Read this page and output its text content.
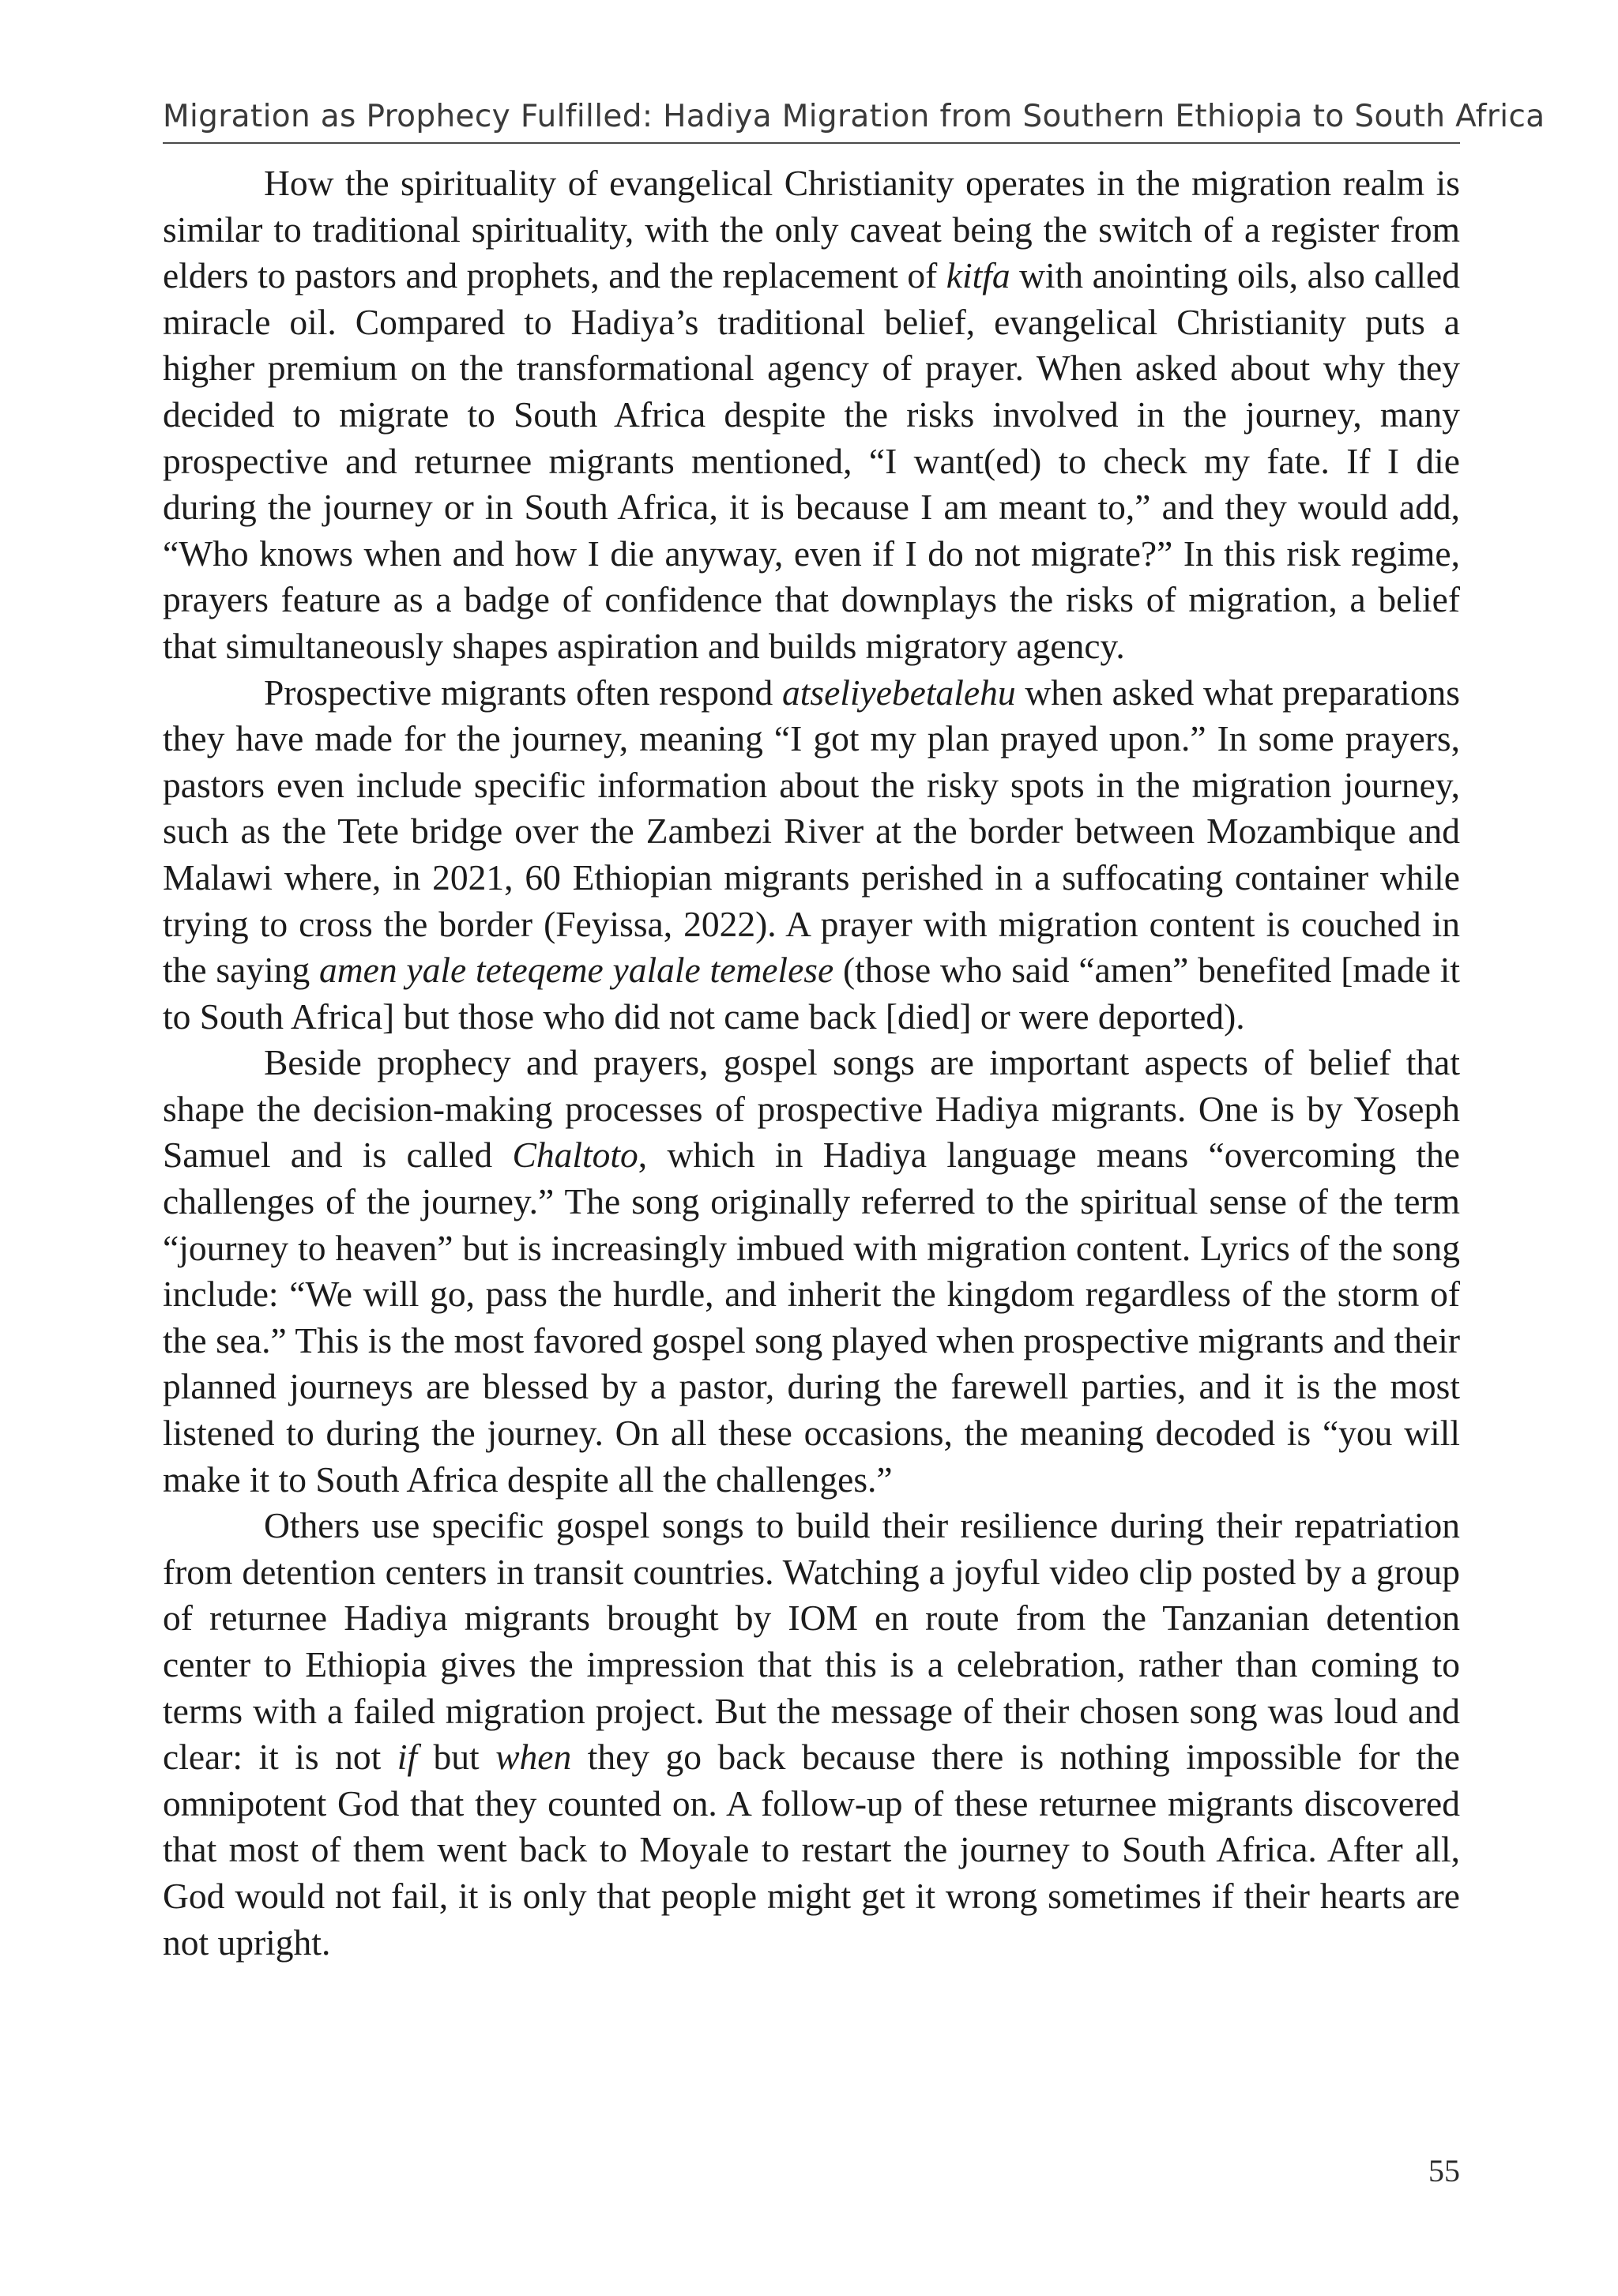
Migration as Prophecy Fulfilled: Hadiya Migration from Southern Ethiopia to South Africa

How the spirituality of evangelical Christianity operates in the migration realm is similar to traditional spirituality, with the only caveat being the switch of a register from elders to pastors and prophets, and the replacement of kitfa with anointing oils, also called miracle oil. Compared to Hadiya’s traditional belief, evangelical Christianity puts a higher premium on the transformational agency of prayer. When asked about why they decided to migrate to South Africa despite the risks involved in the journey, many prospective and returnee migrants mentioned, “I want(ed) to check my fate. If I die during the journey or in South Africa, it is because I am meant to,” and they would add, “Who knows when and how I die anyway, even if I do not migrate?” In this risk regime, prayers feature as a badge of confidence that downplays the risks of migration, a belief that simultaneously shapes aspiration and builds migratory agency.

Prospective migrants often respond atseliyebetalehu when asked what preparations they have made for the journey, meaning “I got my plan prayed upon.” In some prayers, pastors even include specific information about the risky spots in the migration journey, such as the Tete bridge over the Zambezi River at the border between Mozambique and Malawi where, in 2021, 60 Ethiopian migrants perished in a suffocating container while trying to cross the border (Feyissa, 2022). A prayer with migration content is couched in the saying amen yale teteqeme yalale temelese (those who said “amen” benefited [made it to South Africa] but those who did not came back [died] or were deported).

Beside prophecy and prayers, gospel songs are important aspects of belief that shape the decision-making processes of prospective Hadiya migrants. One is by Yoseph Samuel and is called Chaltoto, which in Hadiya language means “overcoming the challenges of the journey.” The song originally referred to the spiritual sense of the term “journey to heaven” but is increasingly imbued with migration content. Lyrics of the song include: “We will go, pass the hurdle, and inherit the kingdom regardless of the storm of the sea.” This is the most favored gospel song played when prospective migrants and their planned journeys are blessed by a pastor, during the farewell parties, and it is the most listened to during the journey. On all these occasions, the meaning decoded is “you will make it to South Africa despite all the challenges.”

Others use specific gospel songs to build their resilience during their repatriation from detention centers in transit countries. Watching a joyful video clip posted by a group of returnee Hadiya migrants brought by IOM en route from the Tanzanian detention center to Ethiopia gives the impression that this is a celebration, rather than coming to terms with a failed migration project. But the message of their chosen song was loud and clear: it is not if but when they go back because there is nothing impossible for the omnipotent God that they counted on. A follow-up of these returnee migrants discovered that most of them went back to Moyale to restart the journey to South Africa. After all, God would not fail, it is only that people might get it wrong sometimes if their hearts are not upright.

55
